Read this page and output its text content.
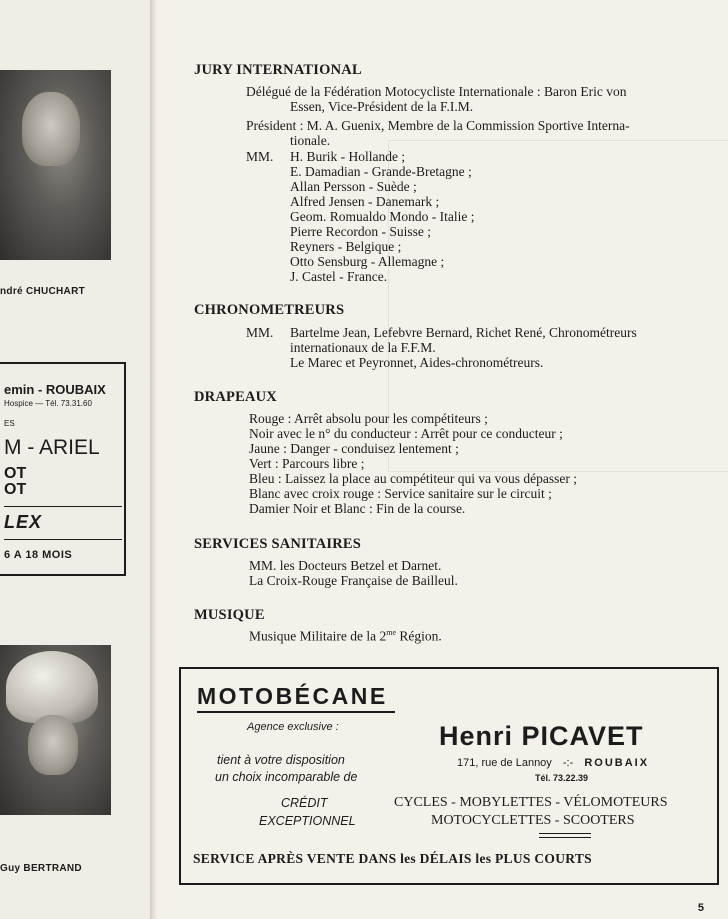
ndré CHUCHART
emin - ROUBAIX
Hospice — Tél. 73.31.60
ES
M - ARIEL
OT
OT
LEX
6 A 18 MOIS
Guy BERTRAND
JURY INTERNATIONAL
Délégué de la Fédération Motocycliste Internationale : Baron Eric von
Essen, Vice-Président de la F.I.M.
Président : M. A. Guenix, Membre de la Commission Sportive Interna-
tionale.
MM. H. Burik - Hollande ;
E. Damadian - Grande-Bretagne ;
Allan Persson - Suède ;
Alfred Jensen - Danemark ;
Geom. Romualdo Mondo - Italie ;
Pierre Recordon - Suisse ;
Reyners - Belgique ;
Otto Sensburg - Allemagne ;
J. Castel - France.
CHRONOMETREURS
MM. Bartelme Jean, Lefebvre Bernard, Richet René, Chronométreurs
internationaux de la F.F.M.
Le Marec et Peyronnet, Aides-chronométreurs.
DRAPEAUX
Rouge : Arrêt absolu pour les compétiteurs ;
Noir avec le n° du conducteur : Arrêt pour ce conducteur ;
Jaune : Danger - conduisez lentement ;
Vert : Parcours libre ;
Bleu : Laissez la place au compétiteur qui va vous dépasser ;
Blanc avec croix rouge : Service sanitaire sur le circuit ;
Damier Noir et Blanc : Fin de la course.
SERVICES SANITAIRES
MM. les Docteurs Betzel et Darnet.
La Croix-Rouge Française de Bailleul.
MUSIQUE
Musique Militaire de la $2^{me}$ Région.
MOTOBÉCANE
Agence exclusive :
tient à votre disposition
un choix incomparable de
CRÉDIT
EXCEPTIONNEL
Henri PICAVET
171, rue de Lannoy -:- ROUBAIX
Tél. 73.22.39
CYCLES - MOBYLETTES - VÉLOMOTEURS
MOTOCYCLETTES - SCOOTERS
SERVICE APRÈS VENTE DANS les DÉLAIS les PLUS COURTS
5
